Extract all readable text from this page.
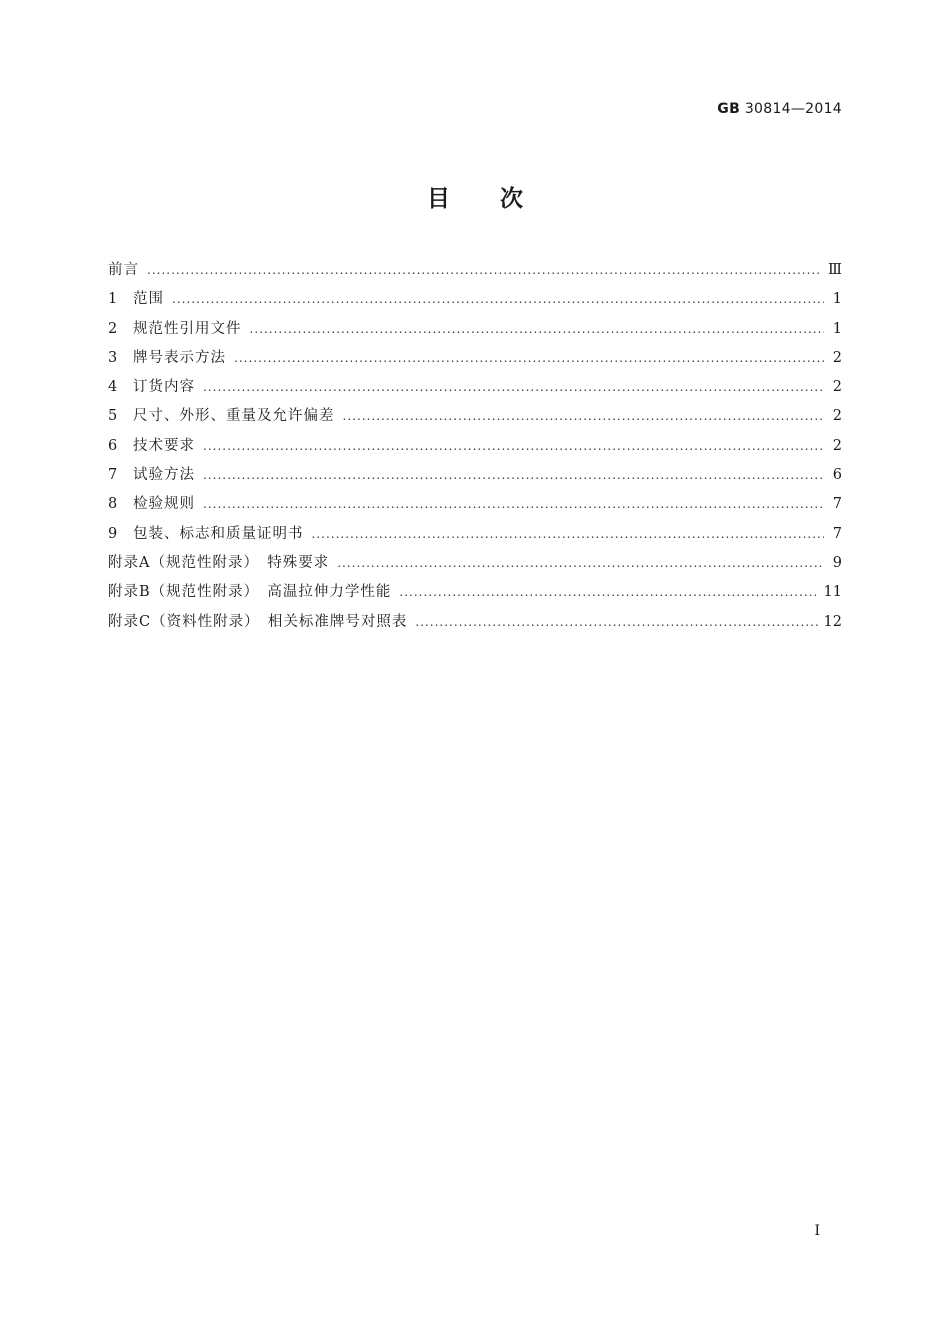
GB 30814—2014
目次
前言 .....	Ⅲ
1	范围 .....	1
2	规范性引用文件 .....	1
3	牌号表示方法 .....	2
4	订货内容 .....	2
5	尺寸、外形、重量及允许偏差 .....	2
6	技术要求 .....	2
7	试验方法 .....	6
8	检验规则 .....	7
9	包装、标志和质量证明书 .....	7
附录A（规范性附录）　特殊要求 .....	9
附录B（规范性附录）　高温拉伸力学性能 .....	11
附录C（资料性附录）　相关标准牌号对照表 .....	12
I
